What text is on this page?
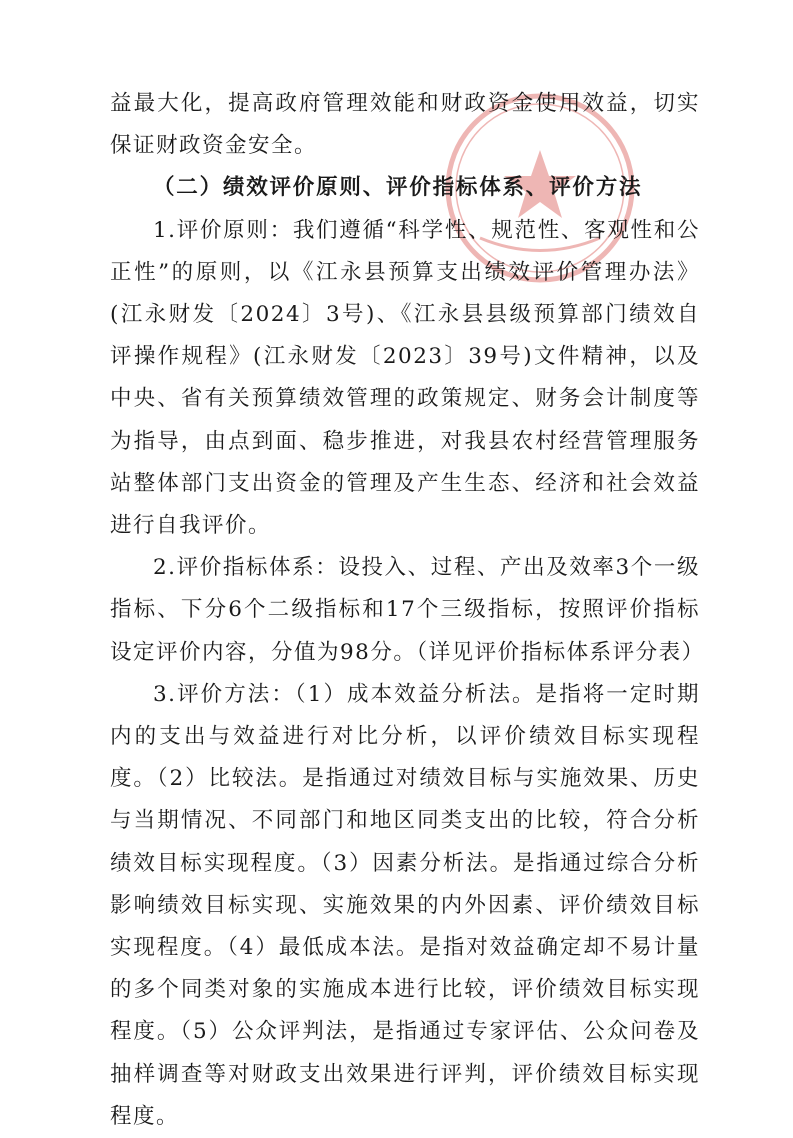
益最大化，提高政府管理效能和财政资金使用效益，切实保证财政资金安全。

（二）绩效评价原则、评价指标体系、评价方法

1.评价原则：我们遵循“科学性、规范性、客观性和公正性”的原则，以《江永县预算支出绩效评价管理办法》(江永财发〔2024〕3号)、《江永县县级预算部门绩效自评操作规程》(江永财发〔2023〕39号)文件精神，以及中央、省有关预算绩效管理的政策规定、财务会计制度等为指导，由点到面、稳步推进，对我县农村经营管理服务站整体部门支出资金的管理及产生生态、经济和社会效益进行自我评价。

2.评价指标体系：设投入、过程、产出及效率3个一级指标、下分6个二级指标和17个三级指标，按照评价指标设定评价内容，分值为98分。（详见评价指标体系评分表）

3.评价方法：（1）成本效益分析法。是指将一定时期内的支出与效益进行对比分析，以评价绩效目标实现程度。（2）比较法。是指通过对绩效目标与实施效果、历史与当期情况、不同部门和地区同类支出的比较，符合分析绩效目标实现程度。（3）因素分析法。是指通过综合分析影响绩效目标实现、实施效果的内外因素、评价绩效目标实现程度。（4）最低成本法。是指对效益确定却不易计量的多个同类对象的实施成本进行比较，评价绩效目标实现程度。（5）公众评判法，是指通过专家评估、公众问卷及抽样调查等对财政支出效果进行评判，评价绩效目标实现程度。
